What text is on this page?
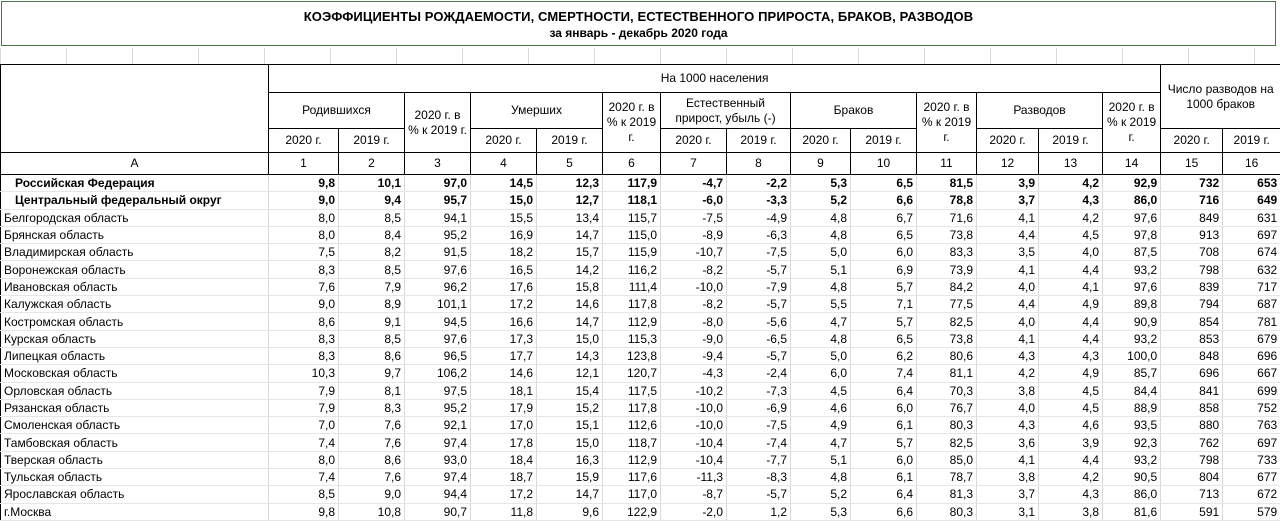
КОЭФФИЦИЕНТЫ РОЖДАЕМОСТИ, СМЕРТНОСТИ, ЕСТЕСТВЕННОГО ПРИРОСТА, БРАКОВ, РАЗВОДОВ
за январь - декабрь 2020 года
	На 1000 населения														Число разводов на 1000 браков	
	Родившихся		2020 г. в % к 2019 г.	Умерших		2020 г. в % к 2019 г.	Естественный прирост, убыль (-)		Браков		2020 г. в % к 2019 г.	Разводов		2020 г. в % к 2019 г.		
	2020 г.	2019 г.		2020 г.	2019 г.		2020 г.	2019 г.	2020 г.	2019 г.		2020 г.	2019 г.		2020 г.	2019 г.
А	1	2	3	4	5	6	7	8	9	10	11	12	13	14	15	16
Российская Федерация	9,8	10,1	97,0	14,5	12,3	117,9	-4,7	-2,2	5,3	6,5	81,5	3,9	4,2	92,9	732	653
Центральный федеральный округ	9,0	9,4	95,7	15,0	12,7	118,1	-6,0	-3,3	5,2	6,6	78,8	3,7	4,3	86,0	716	649
Белгородская область	8,0	8,5	94,1	15,5	13,4	115,7	-7,5	-4,9	4,8	6,7	71,6	4,1	4,2	97,6	849	631
Брянская область	8,0	8,4	95,2	16,9	14,7	115,0	-8,9	-6,3	4,8	6,5	73,8	4,4	4,5	97,8	913	697
Владимирская область	7,5	8,2	91,5	18,2	15,7	115,9	-10,7	-7,5	5,0	6,0	83,3	3,5	4,0	87,5	708	674
Воронежская область	8,3	8,5	97,6	16,5	14,2	116,2	-8,2	-5,7	5,1	6,9	73,9	4,1	4,4	93,2	798	632
Ивановская область	7,6	7,9	96,2	17,6	15,8	111,4	-10,0	-7,9	4,8	5,7	84,2	4,0	4,1	97,6	839	717
Калужская область	9,0	8,9	101,1	17,2	14,6	117,8	-8,2	-5,7	5,5	7,1	77,5	4,4	4,9	89,8	794	687
Костромская область	8,6	9,1	94,5	16,6	14,7	112,9	-8,0	-5,6	4,7	5,7	82,5	4,0	4,4	90,9	854	781
Курская область	8,3	8,5	97,6	17,3	15,0	115,3	-9,0	-6,5	4,8	6,5	73,8	4,1	4,4	93,2	853	679
Липецкая область	8,3	8,6	96,5	17,7	14,3	123,8	-9,4	-5,7	5,0	6,2	80,6	4,3	4,3	100,0	848	696
Московская область	10,3	9,7	106,2	14,6	12,1	120,7	-4,3	-2,4	6,0	7,4	81,1	4,2	4,9	85,7	696	667
Орловская область	7,9	8,1	97,5	18,1	15,4	117,5	-10,2	-7,3	4,5	6,4	70,3	3,8	4,5	84,4	841	699
Рязанская область	7,9	8,3	95,2	17,9	15,2	117,8	-10,0	-6,9	4,6	6,0	76,7	4,0	4,5	88,9	858	752
Смоленская область	7,0	7,6	92,1	17,0	15,1	112,6	-10,0	-7,5	4,9	6,1	80,3	4,3	4,6	93,5	880	763
Тамбовская область	7,4	7,6	97,4	17,8	15,0	118,7	-10,4	-7,4	4,7	5,7	82,5	3,6	3,9	92,3	762	697
Тверская область	8,0	8,6	93,0	18,4	16,3	112,9	-10,4	-7,7	5,1	6,0	85,0	4,1	4,4	93,2	798	733
Тульская область	7,4	7,6	97,4	18,7	15,9	117,6	-11,3	-8,3	4,8	6,1	78,7	3,8	4,2	90,5	804	677
Ярославская область	8,5	9,0	94,4	17,2	14,7	117,0	-8,7	-5,7	5,2	6,4	81,3	3,7	4,3	86,0	713	672
г.Москва	9,8	10,8	90,7	11,8	9,6	122,9	-2,0	1,2	5,3	6,6	80,3	3,1	3,8	81,6	591	579
